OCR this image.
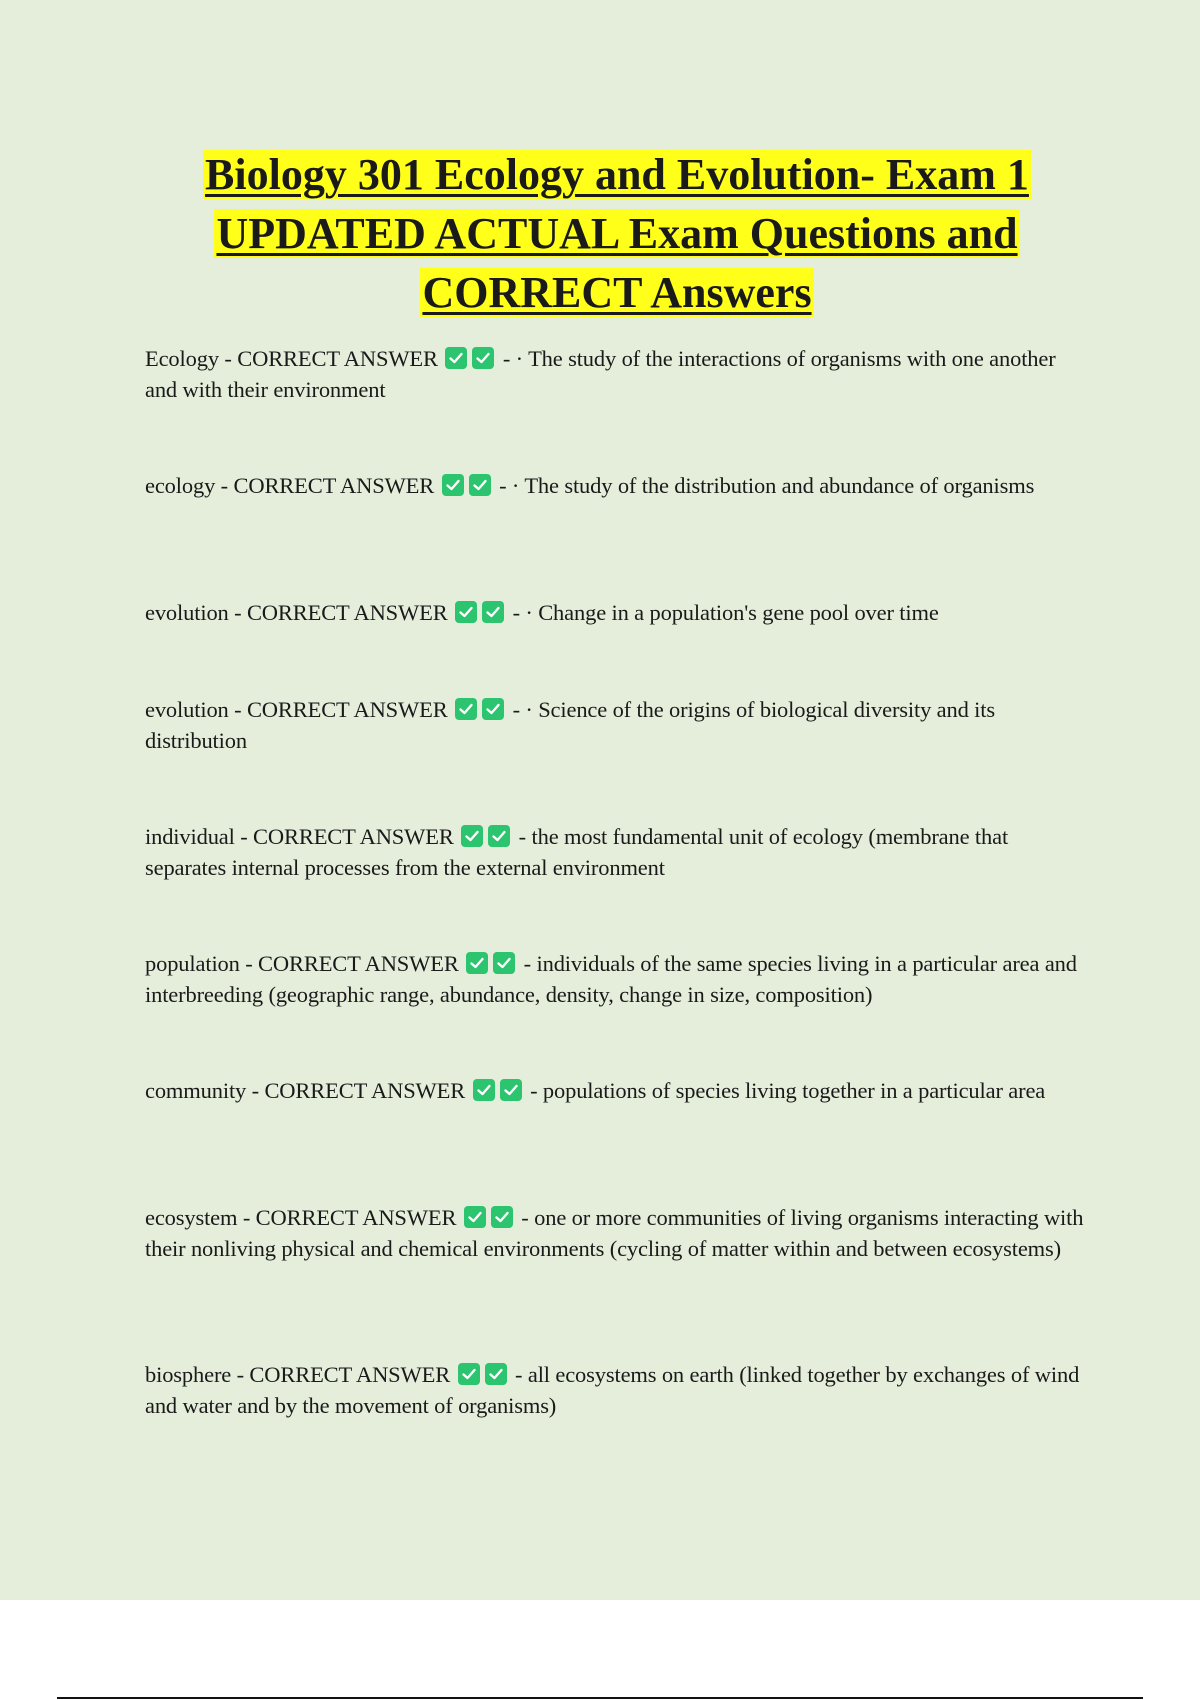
Biology 301 Ecology and Evolution- Exam 1
UPDATED ACTUAL Exam Questions and
CORRECT Answers
Ecology - CORRECT ANSWER	- · The study of the interactions of organisms with one another and with their environment
ecology - CORRECT ANSWER	- · The study of the distribution and abundance of organisms
evolution - CORRECT ANSWER	- · Change in a population's gene pool over time
evolution - CORRECT ANSWER	- · Science of the origins of biological diversity and its distribution
individual - CORRECT ANSWER	- the most fundamental unit of ecology (membrane that separates internal processes from the external environment
population - CORRECT ANSWER	- individuals of the same species living in a particular area and interbreeding (geographic range, abundance, density, change in size, composition)
community - CORRECT ANSWER	- populations of species living together in a particular area
ecosystem - CORRECT ANSWER	- one or more communities of living organisms interacting with their nonliving physical and chemical environments (cycling of matter within and between ecosystems)
biosphere - CORRECT ANSWER	- all ecosystems on earth (linked together by exchanges of wind and water and by the movement of organisms)
